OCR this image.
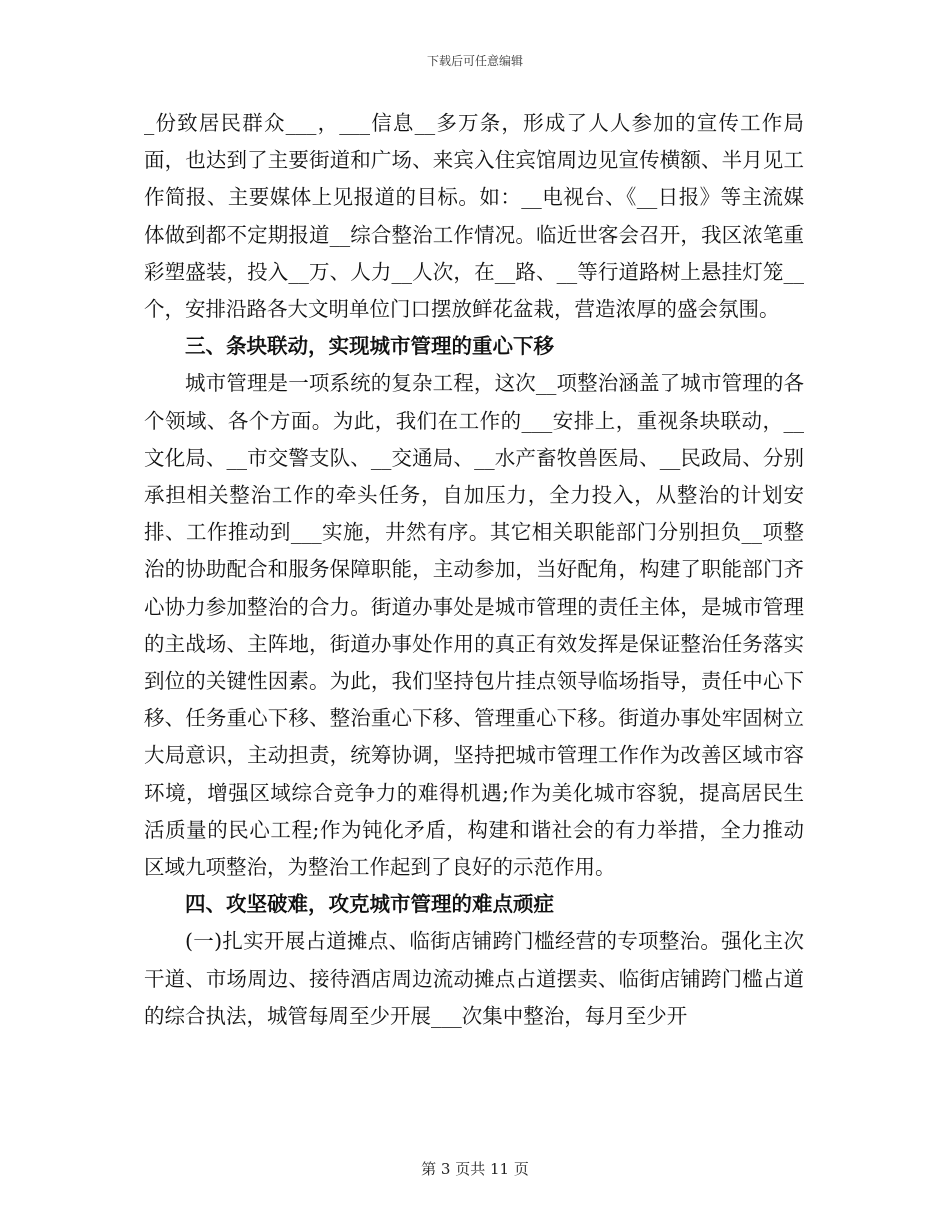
下载后可任意编辑

_份致居民群众___，___信息__多万条，形成了人人参加的宣传工作局面，也达到了主要街道和广场、来宾入住宾馆周边见宣传横额、半月见工作简报、主要媒体上见报道的目标。如：__电视台、《__日报》等主流媒体做到都不定期报道__综合整治工作情况。临近世客会召开，我区浓笔重彩塑盛装，投入__万、人力__人次，在__路、__等行道路树上悬挂灯笼__个，安排沿路各大文明单位门口摆放鲜花盆栽，营造浓厚的盛会氛围。

三、条块联动，实现城市管理的重心下移

城市管理是一项系统的复杂工程，这次__项整治涵盖了城市管理的各个领域、各个方面。为此，我们在工作的___安排上，重视条块联动，__文化局、__市交警支队、__交通局、__水产畜牧兽医局、__民政局、分别承担相关整治工作的牵头任务，自加压力，全力投入，从整治的计划安排、工作推动到___实施，井然有序。其它相关职能部门分别担负__项整治的协助配合和服务保障职能，主动参加，当好配角，构建了职能部门齐心协力参加整治的合力。街道办事处是城市管理的责任主体，是城市管理的主战场、主阵地，街道办事处作用的真正有效发挥是保证整治任务落实到位的关键性因素。为此，我们坚持包片挂点领导临场指导，责任中心下移、任务重心下移、整治重心下移、管理重心下移。街道办事处牢固树立大局意识，主动担责，统筹协调，坚持把城市管理工作作为改善区域市容环境，增强区域综合竞争力的难得机遇;作为美化城市容貌，提高居民生活质量的民心工程;作为钝化矛盾，构建和谐社会的有力举措，全力推动区域九项整治，为整治工作起到了良好的示范作用。

四、攻坚破难，攻克城市管理的难点顽症

(一)扎实开展占道摊点、临街店铺跨门槛经营的专项整治。强化主次干道、市场周边、接待酒店周边流动摊点占道摆卖、临街店铺跨门槛占道的综合执法，城管每周至少开展___次集中整治，每月至少开

第 3 页共 11 页
